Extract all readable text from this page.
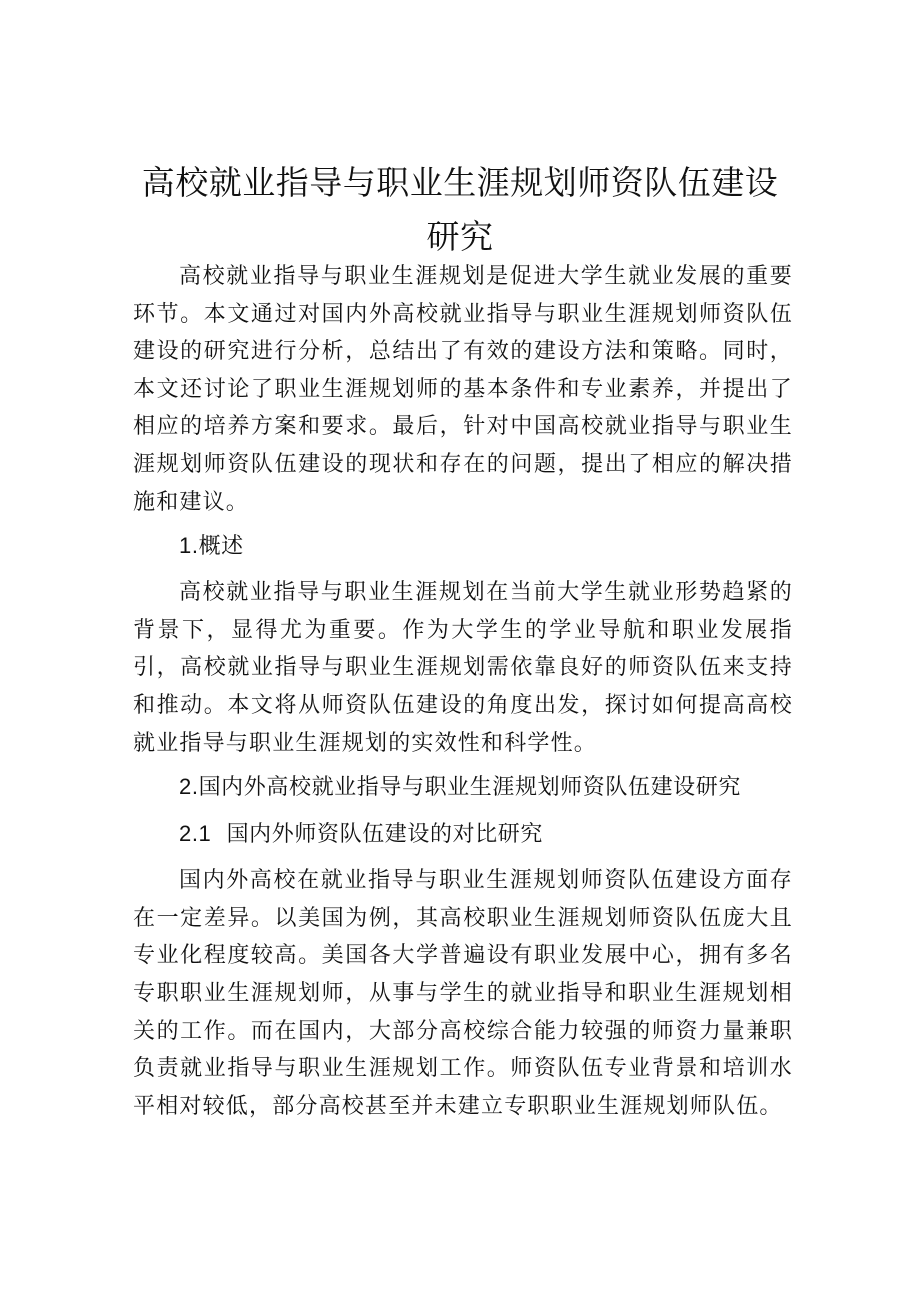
高校就业指导与职业生涯规划师资队伍建设
研究

高校就业指导与职业生涯规划是促进大学生就业发展的重要环节。本文通过对国内外高校就业指导与职业生涯规划师资队伍建设的研究进行分析，总结出了有效的建设方法和策略。同时，本文还讨论了职业生涯规划师的基本条件和专业素养，并提出了相应的培养方案和要求。最后，针对中国高校就业指导与职业生涯规划师资队伍建设的现状和存在的问题，提出了相应的解决措施和建议。

1.概述

高校就业指导与职业生涯规划在当前大学生就业形势趋紧的背景下，显得尤为重要。作为大学生的学业导航和职业发展指引，高校就业指导与职业生涯规划需依靠良好的师资队伍来支持和推动。本文将从师资队伍建设的角度出发，探讨如何提高高校就业指导与职业生涯规划的实效性和科学性。

2.国内外高校就业指导与职业生涯规划师资队伍建设研究

2.1 国内外师资队伍建设的对比研究

国内外高校在就业指导与职业生涯规划师资队伍建设方面存在一定差异。以美国为例，其高校职业生涯规划师资队伍庞大且专业化程度较高。美国各大学普遍设有职业发展中心，拥有多名专职职业生涯规划师，从事与学生的就业指导和职业生涯规划相关的工作。而在国内，大部分高校综合能力较强的师资力量兼职负责就业指导与职业生涯规划工作。师资队伍专业背景和培训水平相对较低，部分高校甚至并未建立专职职业生涯规划师队伍。
